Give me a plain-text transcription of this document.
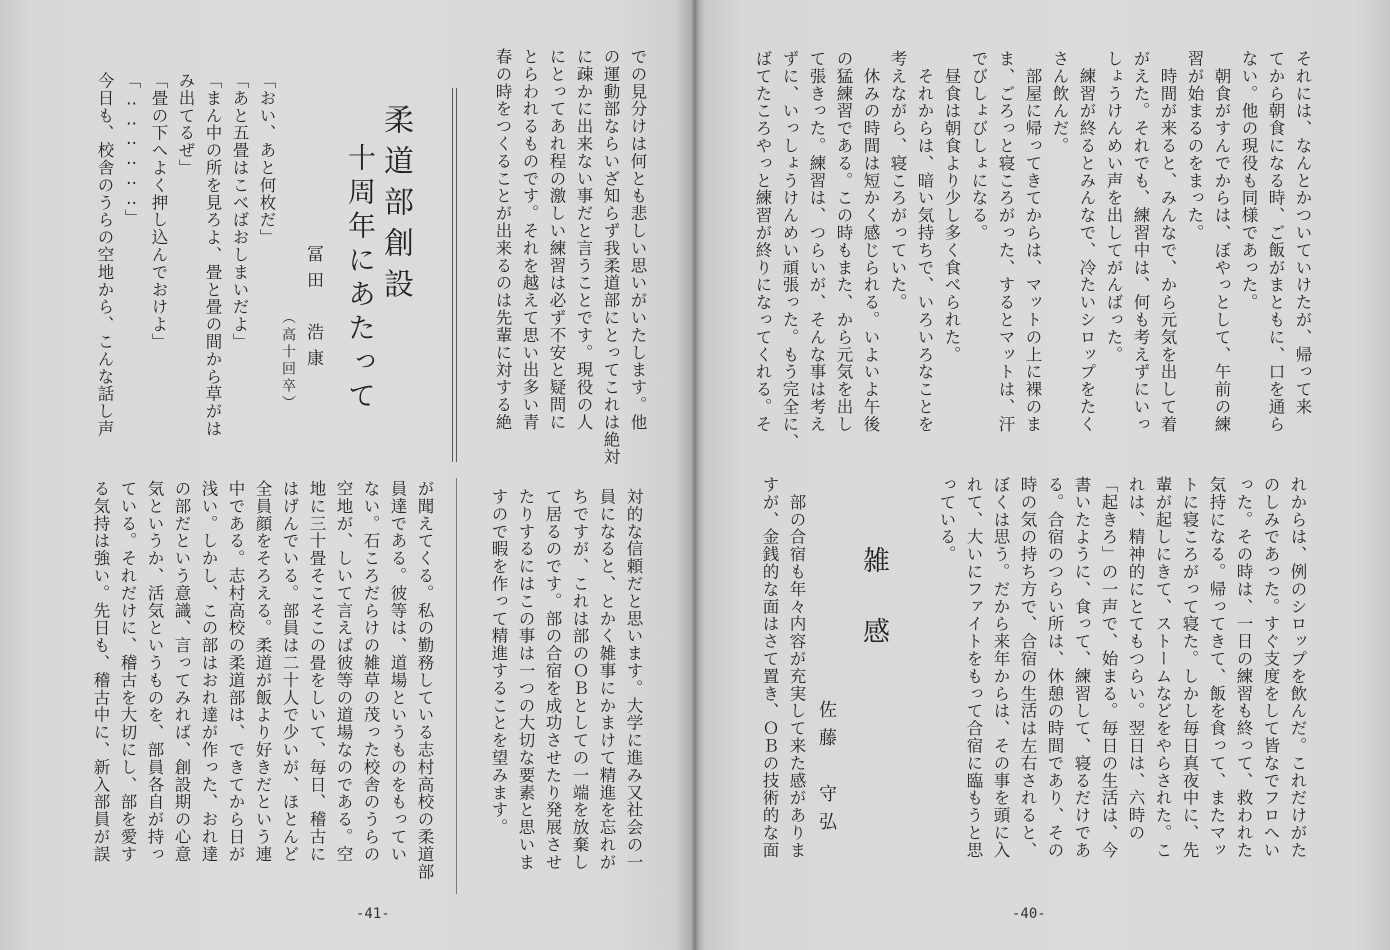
それには、なんとかついていけたが、帰って来
てから朝食になる時、ご飯がまともに、口を通ら
ない。他の現役も同様であった。
　朝食がすんでからは、ぼやっとして、午前の練
習が始まるのをまった。
　時間が来ると、みんなで、から元気を出して着
がえた。それでも、練習中は、何も考えずにいっ
しょうけんめい声を出してがんばった。
　練習が終るとみんなで、冷たいシロップをたく
さん飲んだ。
　部屋に帰ってきてからは、マットの上に裸のま
ま、ごろっと寝ころがった、するとマットは、汗
でびしょびしょになる。
　昼食は朝食より少し多く食べられた。
　それからは、暗い気持ちで、いろいろなことを
考えながら、寝ころがっていた。
　休みの時間は短かく感じられる。いよいよ午後
の猛練習である。この時もまた、から元気を出し
て張きった。練習は、つらいが、そんな事は考え
ずに、いっしょうけんめい頑張った。もう完全に、
ばてたころやっと練習が終りになってくれる。そ
れからは、例のシロップを飲んだ。これだけがた
のしみであった。すぐ支度をして皆なでフロへい
った。その時は、一日の練習も終って、救われた
気持になる。帰ってきて、飯を食って、またマッ
トに寝ころがって寝た。しかし毎日真夜中に、先
輩が起しにきて、ストームなどをやらされた。こ
れは、精神的にとてもつらい。翌日は、六時の
「起きろ」の一声で、始まる。毎日の生活は、今
書いたように、食って、練習して、寝るだけであ
る。合宿のつらい所は、休憩の時間であり、その
時の気の持ち方で、合宿の生活は左右されると、
ぼくは思う。だから来年からは、その事を頭に入
れて、大いにファイトをもって合宿に臨もうと思
っている。
雑感
佐藤　守弘
　部の合宿も年々内容が充実して来た感がありま
すが、金銭的な面はさて置き、ＯＢの技術的な面
-40-
での見分けは何とも悲しい思いがいたします。他
の運動部ならいざ知らず我柔道部にとってこれは絶対
に疎かに出来ない事だと言うことです。現役の人
にとってあれ程の激しい練習は必ず不安と疑問に
とらわれるものです。それを越えて思い出多い青
春の時をつくることが出来るのは先輩に対する絶
対的な信頼だと思います。大学に進み又社会の一
員になると、とかく雑事にかまけて精進を忘れが
ちですが、これは部のＯＢとしての一端を放棄し
て居るのです。部の合宿を成功させたり発展させ
たりするにはこの事は一つの大切な要素と思いま
すので暇を作って精進することを望みます。
柔道部創設
十周年にあたって
冨田　浩康
（高十回卒）
「おい、あと何枚だ」
「あと五畳はこべばおしまいだよ」
「まん中の所を見ろよ、畳と畳の間から草がは
み出てるぜ」
「畳の下へよく押し込んでおけよ」
「‥‥‥‥‥‥」
今日も、校舎のうらの空地から、こんな話し声
が聞えてくる。私の勤務している志村高校の柔道部
員達である。彼等は、道場というものをもってい
ない。石ころだらけの雑草の茂った校舎のうらの
空地が、しいて言えば彼等の道場なのである。空
地に三十畳そこそこの畳をしいて、毎日、稽古に
はげんでいる。部員は二十人で少いが、ほとんど
全員顔をそろえる。柔道が飯より好きだという連
中である。志村高校の柔道部は、できてから日が
浅い。しかし、この部はおれ達が作った、おれ達
の部だという意識、言ってみれば、創設期の心意
気というか、活気というものを、部員各自が持っ
ている。それだけに、稽古を大切にし、部を愛す
る気持は強い。先日も、稽古中に、新入部員が誤
-41-
